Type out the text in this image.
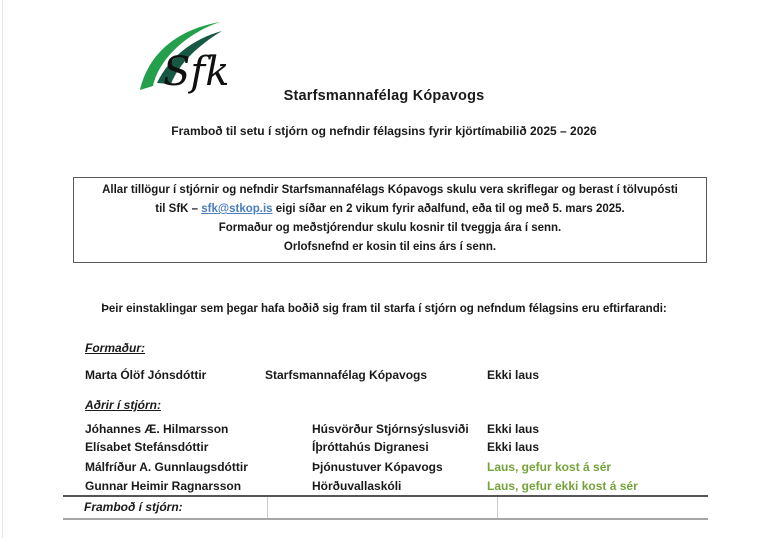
Sfk
Starfsmannafélag Kópavogs
Framboð til setu í stjórn og nefndir félagsins fyrir kjörtímabilið 2025 – 2026
Allar tillögur í stjórnir og nefndir Starfsmannafélags Kópavogs skulu vera skriflegar og berast í tölvupósti
til SfK – sfk@stkop.is eigi síðar en 2 vikum fyrir aðalfund, eða til og með 5. mars 2025.
Formaður og meðstjórendur skulu kosnir til tveggja ára í senn.
Orlofsnefnd er kosin til eins árs í senn.
Þeir einstaklingar sem þegar hafa boðið sig fram til starfa í stjórn og nefndum félagsins eru eftirfarandi:
Formaður:
Marta Ólöf Jónsdóttir	Starfsmannafélag Kópavogs	Ekki laus
Aðrir í stjórn:
Jóhannes Æ. Hilmarsson	Húsvörður Stjórnsýslusviði	Ekki laus
Elísabet Stefánsdóttir	Íþróttahús Digranesi	Ekki laus
Málfríður A. Gunnlaugsdóttir	Þjónustuver Kópavogs	Laus, gefur kost á sér
Gunnar Heimir Ragnarsson	Hörðuvallaskóli	Laus, gefur ekki kost á sér
Framboð í stjórn:
